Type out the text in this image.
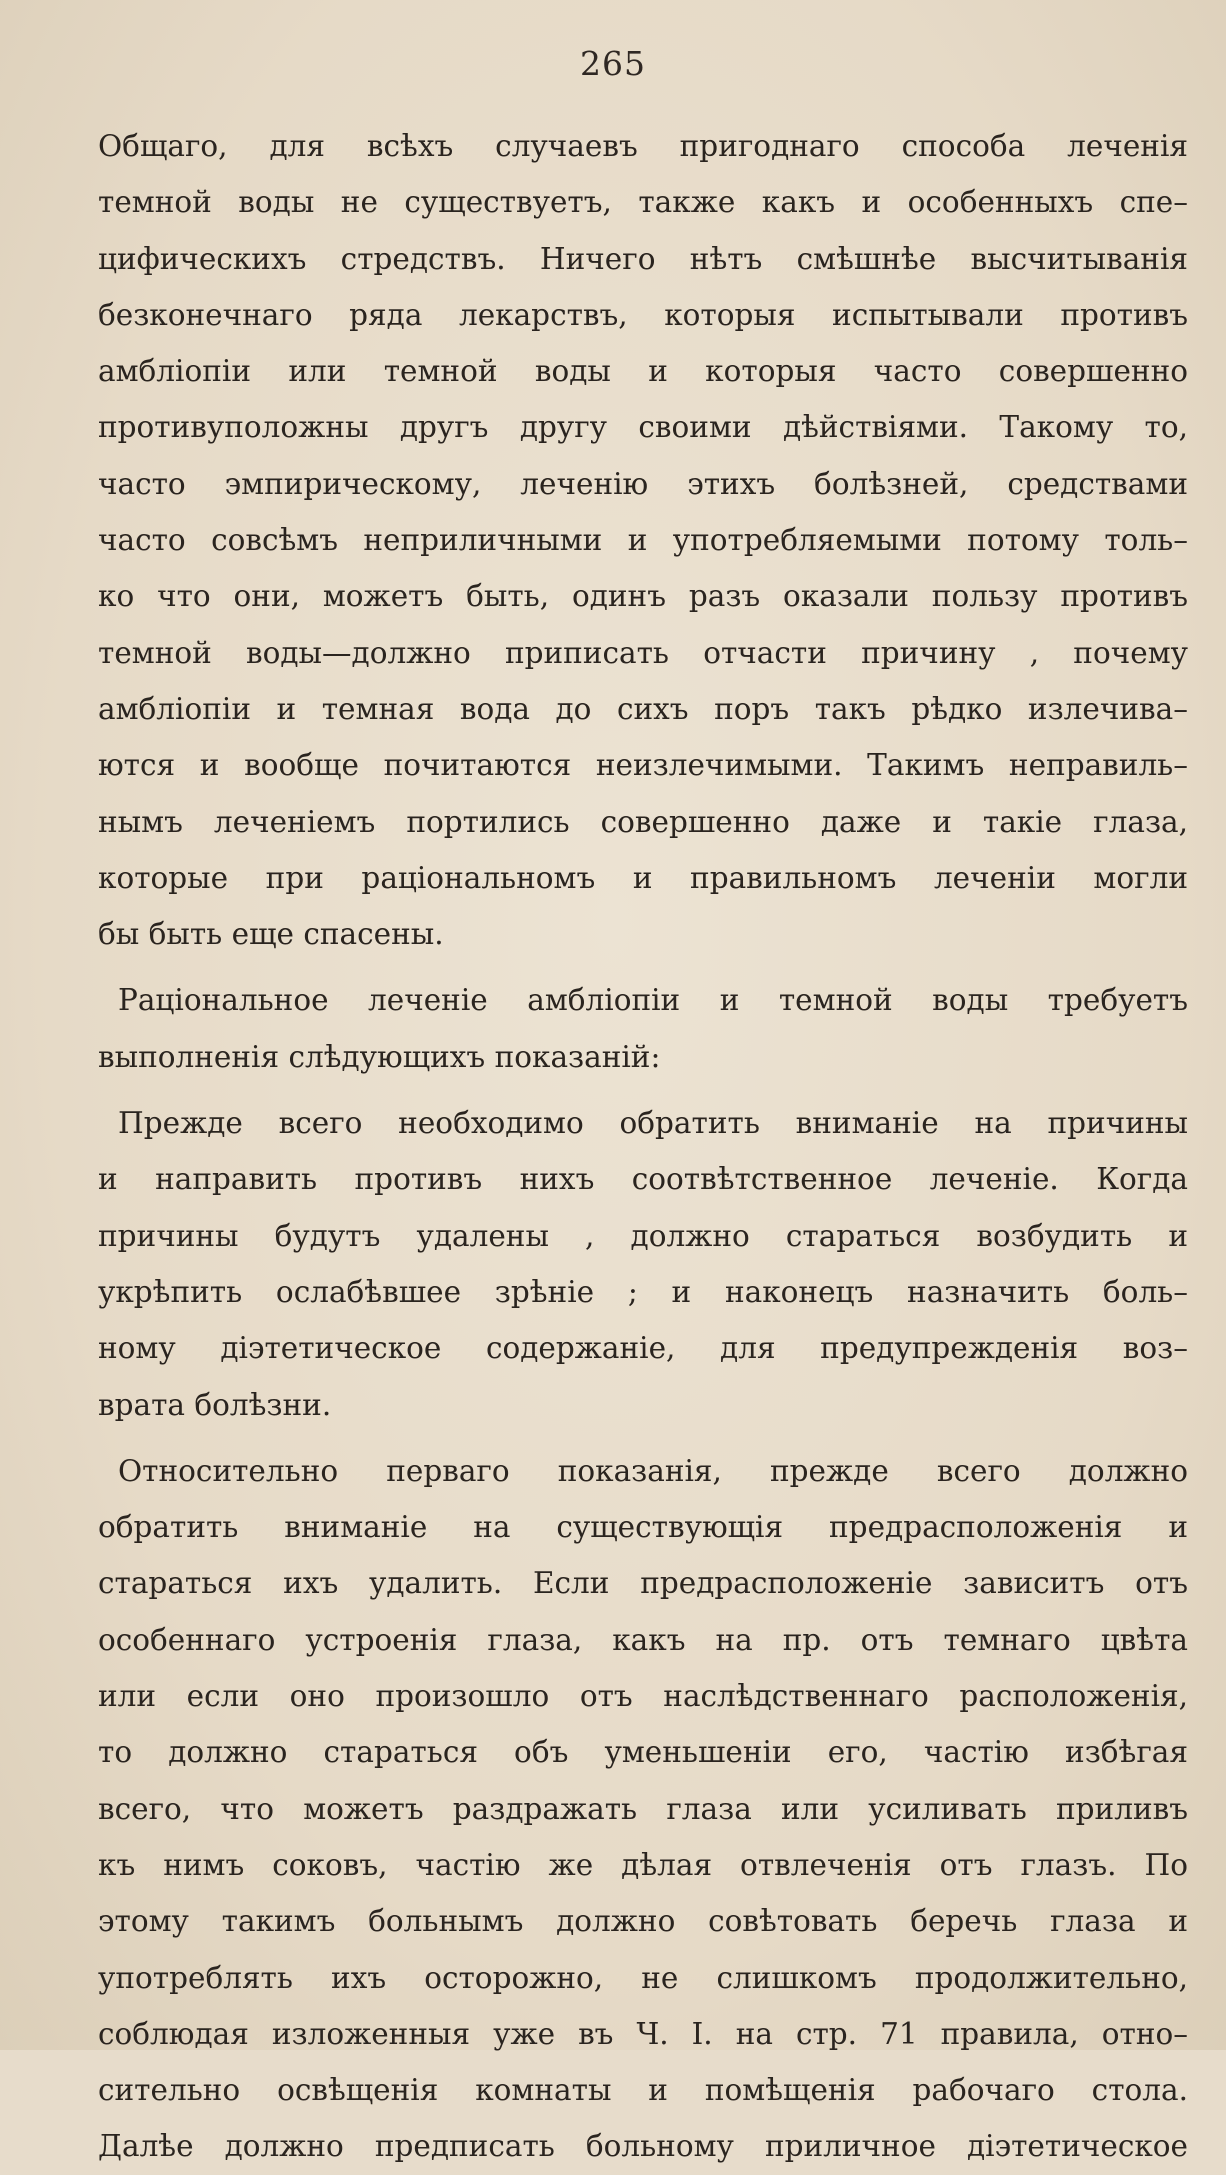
265
Общаго, для всѣхъ случаевъ пригоднаго способа леченія
темной воды не существуетъ, также какъ и особенныхъ спе–
цифическихъ стредствъ. Ничего нѣтъ смѣшнѣе высчитыванія
безконечнаго ряда лекарствъ, которыя испытывали противъ
амблiопiи или темной воды и которыя часто совершенно
противуположны другъ другу своими дѣйствiями. Такому то,
часто эмпирическому, леченiю этихъ болѣзней, средствами
часто совсѣмъ неприличными и употребляемыми потому толь–
ко что они, можетъ быть, одинъ разъ оказали пользу противъ
темной воды—должно приписать отчасти причину , почему
амблiопiи и темная вода до сихъ поръ такъ рѣдко излечива–
ются и вообще почитаются неизлечимыми. Такимъ неправиль–
нымъ леченiемъ портились совершенно даже и такiе глаза,
которые при рацiональномъ и правильномъ леченiи могли
бы быть еще спасены.
Рацiональное леченiе амблiопiи и темной воды требуетъ
выполненiя слѣдующихъ показанiй:
Прежде всего необходимо обратить вниманiе на причины
и направить противъ нихъ соотвѣтственное леченiе. Когда
причины будутъ удалены , должно стараться возбудить и
укрѣпить ослабѣвшее зрѣнiе ; и наконецъ назначить боль–
ному дiэтетическое содержанiе, для предупрежденiя воз–
врата болѣзни.
Относительно перваго показанiя, прежде всего должно
обратить вниманiе на существующiя предрасположенiя и
стараться ихъ удалить. Если предрасположенiе зависитъ отъ
особеннаго устроенiя глаза, какъ на пр. отъ темнаго цвѣта
или если оно произошло отъ наслѣдственнаго расположенiя,
то должно стараться объ уменьшенiи его, частiю избѣгая
всего, что можетъ раздражать глаза или усиливать приливъ
къ нимъ соковъ, частiю же дѣлая отвлеченiя отъ глазъ. По
этому такимъ больнымъ должно совѣтовать беречь глаза и
употреблять ихъ осторожно, не слишкомъ продолжительно,
соблюдая изложенныя уже въ Ч. I. на стр. 71 правила, отно–
сительно освѣщенiя комнаты и помѣщенiя рабочаго стола.
Далѣе должно предписать больному приличное дiэтетическое
